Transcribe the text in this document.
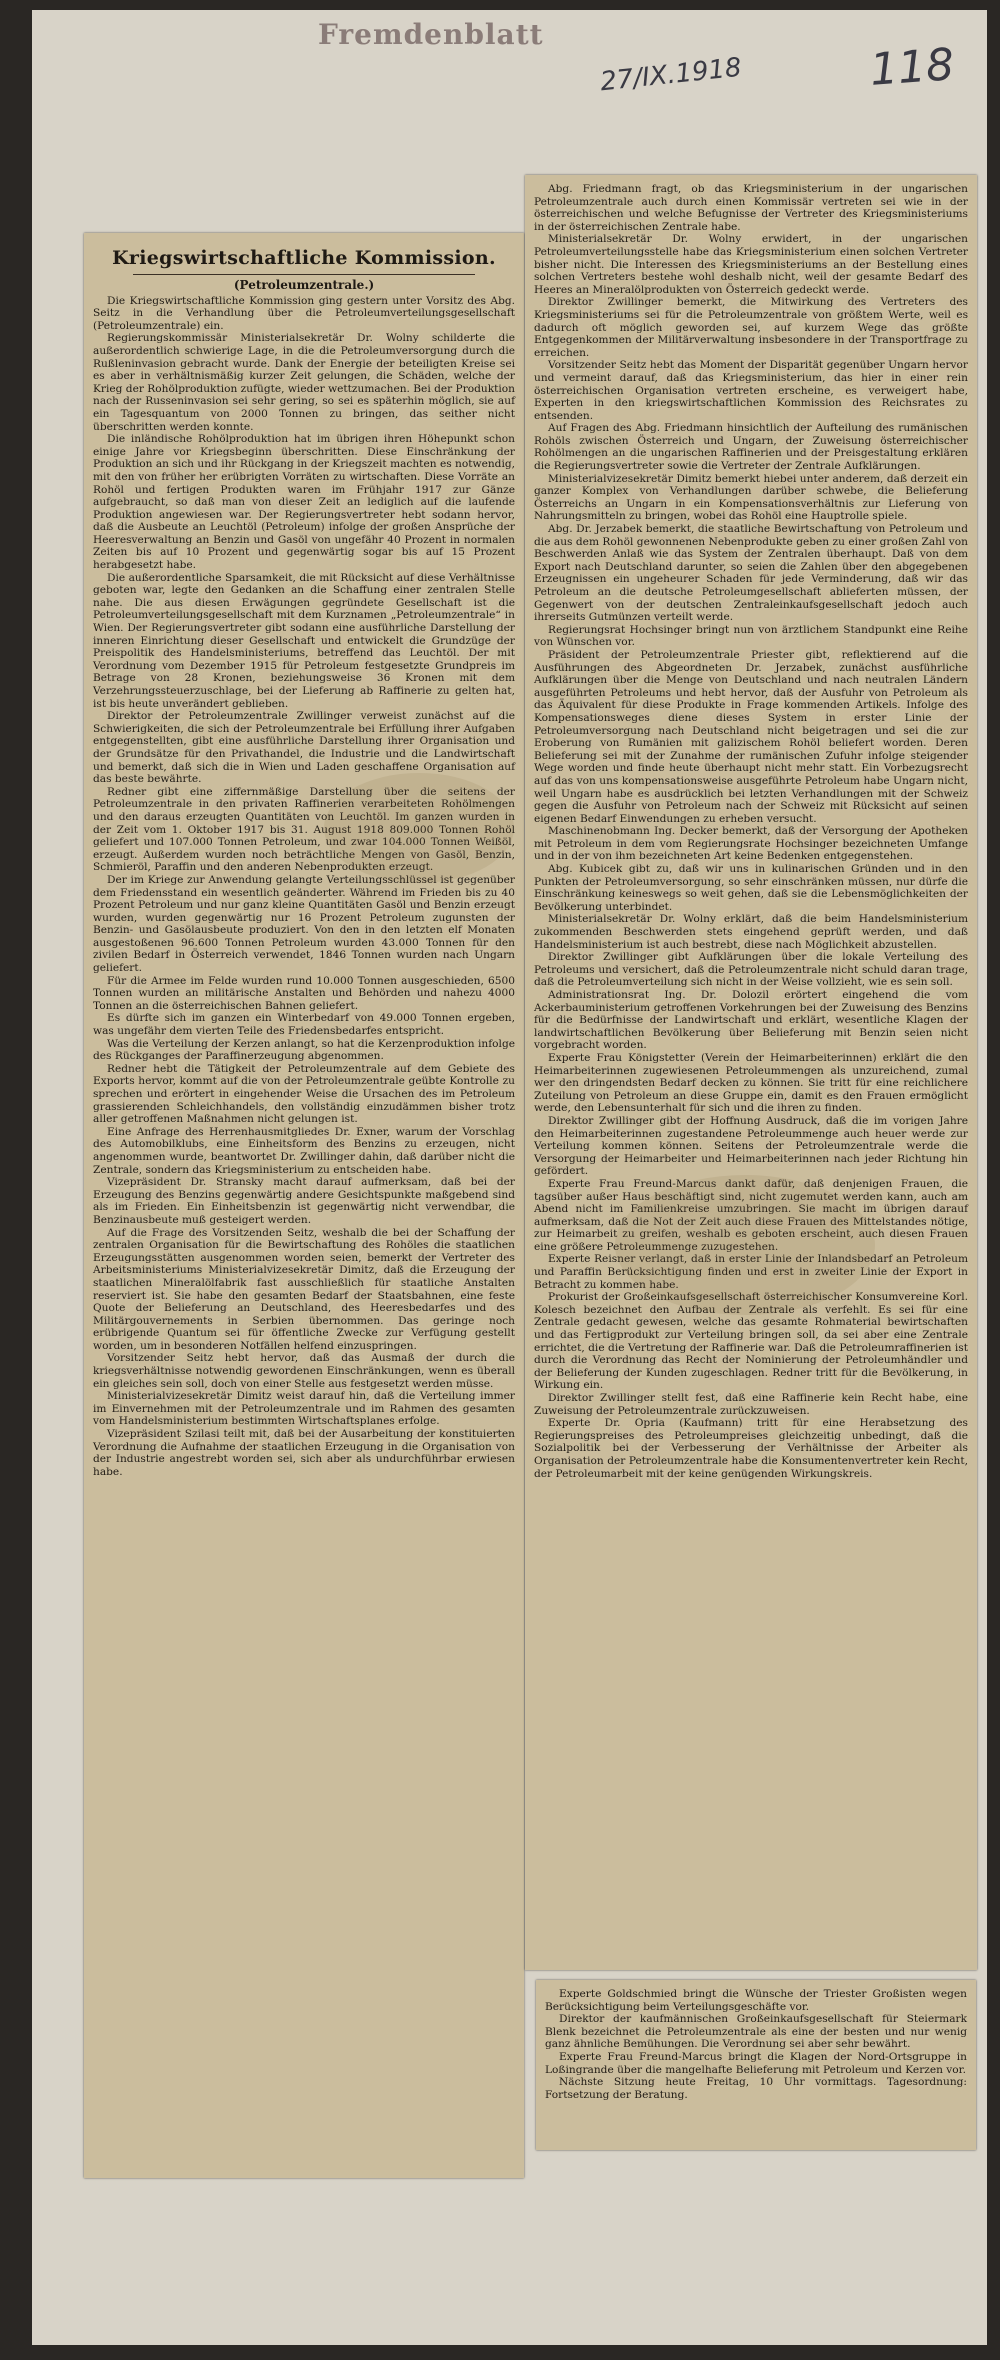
Fremdenblatt
27/IX.1918	118
Kriegswirtschaftliche Kommission.
(Petroleumzentrale.)

Die Kriegswirtschaftliche Kommission ging gestern unter Vorsitz des Abg. Seitz in die Verhandlung über die Petroleumverteilungsgesellschaft (Petroleumzentrale) ein.

Regierungskommissär Ministerialsekretär Dr. Wolny schilderte die außerordentlich schwierige Lage, in die die Petroleumversorgung durch die Rußleninvasion gebracht wurde. Dank der Energie der beteiligten Kreise sei es aber in verhältnismäßig kurzer Zeit gelungen, die Schäden, welche der Krieg der Rohölproduktion zufügte, wieder wettzumachen. Bei der Produktion nach der Russeninvasion sei sehr gering, so sei es späterhin möglich, sie auf ein Tagesquantum von 2000 Tonnen zu bringen, das seither nicht überschritten werden konnte.

Die inländische Rohölproduktion hat im übrigen ihren Höhepunkt schon einige Jahre vor Kriegsbeginn überschritten. Diese Einschränkung der Produktion an sich und ihr Rückgang in der Kriegszeit machten es notwendig, mit den von früher her erübrigten Vorräten zu wirtschaften. Diese Vorräte an Rohöl und fertigen Produkten waren im Frühjahr 1917 zur Gänze aufgebraucht, so daß man von dieser Zeit an lediglich auf die laufende Produktion angewiesen war. Der Regierungsvertreter hebt sodann hervor, daß die Ausbeute an Leuchtöl (Petroleum) infolge der großen Ansprüche der Heeresverwaltung an Benzin und Gasöl von ungefähr 40 Prozent in normalen Zeiten bis auf 10 Prozent und gegenwärtig sogar bis auf 15 Prozent herabgesetzt habe.

Die außerordentliche Sparsamkeit, die mit Rücksicht auf diese Verhältnisse geboten war, legte den Gedanken an die Schaffung einer zentralen Stelle nahe. Die aus diesen Erwägungen gegründete Gesellschaft ist die Petroleumverteilungsgesellschaft mit dem Kurznamen „Petroleumzentrale“ in Wien. Der Regierungsvertreter gibt sodann eine ausführliche Darstellung der inneren Einrichtung dieser Gesellschaft und entwickelt die Grundzüge der Preispolitik des Handelsministeriums, betreffend das Leuchtöl. Der mit Verordnung vom Dezember 1915 für Petroleum festgesetzte Grundpreis im Betrage von 28 Kronen, beziehungsweise 36 Kronen mit dem Verzehrungssteuerzuschlage, bei der Lieferung ab Raffinerie zu gelten hat, ist bis heute unverändert geblieben.

Direktor der Petroleumzentrale Zwillinger verweist zunächst auf die Schwierigkeiten, die sich der Petroleumzentrale bei Erfüllung ihrer Aufgaben entgegenstellten, gibt eine ausführliche Darstellung ihrer Organisation und der Grundsätze für den Privathandel, die Industrie und die Landwirtschaft und bemerkt, daß sich die in Wien und Laden geschaffene Organisation auf das beste bewährte.

Redner gibt eine ziffernmäßige Darstellung über die seitens der Petroleumzentrale in den privaten Raffinerien verarbeiteten Rohölmengen und den daraus erzeugten Quantitäten von Leuchtöl. Im ganzen wurden in der Zeit vom 1. Oktober 1917 bis 31. August 1918 809.000 Tonnen Rohöl geliefert und 107.000 Tonnen Petroleum, und zwar 104.000 Tonnen Weißöl, erzeugt. Außerdem wurden noch beträchtliche Mengen von Gasöl, Benzin, Schmieröl, Paraffin und den anderen Nebenprodukten erzeugt.

Der im Kriege zur Anwendung gelangte Verteilungsschlüssel ist gegenüber dem Friedensstand ein wesentlich geänderter. Während im Frieden bis zu 40 Prozent Petroleum und nur ganz kleine Quantitäten Gasöl und Benzin erzeugt wurden, wurden gegenwärtig nur 16 Prozent Petroleum zugunsten der Benzin- und Gasölausbeute produziert. Von den in den letzten elf Monaten ausgestoßenen 96.600 Tonnen Petroleum wurden 43.000 Tonnen für den zivilen Bedarf in Österreich verwendet, 1846 Tonnen wurden nach Ungarn geliefert.

Für die Armee im Felde wurden rund 10.000 Tonnen ausgeschieden, 6500 Tonnen wurden an militärische Anstalten und Behörden und nahezu 4000 Tonnen an die österreichischen Bahnen geliefert.

Es dürfte sich im ganzen ein Winterbedarf von 49.000 Tonnen ergeben, was ungefähr dem vierten Teile des Friedensbedarfes entspricht.

Was die Verteilung der Kerzen anlangt, so hat die Kerzenproduktion infolge des Rückganges der Paraffinerzeugung abgenommen.

Redner hebt die Tätigkeit der Petroleumzentrale auf dem Gebiete des Exports hervor, kommt auf die von der Petroleumzentrale geübte Kontrolle zu sprechen und erörtert in eingehender Weise die Ursachen des im Petroleum grassierenden Schleichhandels, den vollständig einzudämmen bisher trotz aller getroffenen Maßnahmen nicht gelungen ist.

Eine Anfrage des Herrenhausmitgliedes Dr. Exner, warum der Vorschlag des Automobilklubs, eine Einheitsform des Benzins zu erzeugen, nicht angenommen wurde, beantwortet Dr. Zwillinger dahin, daß darüber nicht die Zentrale, sondern das Kriegsministerium zu entscheiden habe.

Vizepräsident Dr. Stransky macht darauf aufmerksam, daß bei der Erzeugung des Benzins gegenwärtig andere Gesichtspunkte maßgebend sind als im Frieden. Ein Einheitsbenzin ist gegenwärtig nicht verwendbar, die Benzinausbeute muß gesteigert werden.

Auf die Frage des Vorsitzenden Seitz, weshalb die bei der Schaffung der zentralen Organisation für die Bewirtschaftung des Rohöles die staatlichen Erzeugungsstätten ausgenommen worden seien, bemerkt der Vertreter des Arbeitsministeriums Ministerialvizesekretär Dimitz, daß die Erzeugung der staatlichen Mineralölfabrik fast ausschließlich für staatliche Anstalten reserviert ist. Sie habe den gesamten Bedarf der Staatsbahnen, eine feste Quote der Belieferung an Deutschland, des Heeresbedarfes und des Militärgouvernements in Serbien übernommen. Das geringe noch erübrigende Quantum sei für öffentliche Zwecke zur Verfügung gestellt worden, um in besonderen Notfällen helfend einzuspringen.

Vorsitzender Seitz hebt hervor, daß das Ausmaß der durch die kriegsverhältnisse notwendig gewordenen Einschränkungen, wenn es überall ein gleiches sein soll, doch von einer Stelle aus festgesetzt werden müsse.

Ministerialvizesekretär Dimitz weist darauf hin, daß die Verteilung immer im Einvernehmen mit der Petroleumzentrale und im Rahmen des gesamten vom Handelsministerium bestimmten Wirtschaftsplanes erfolge.

Vizepräsident Szilasi teilt mit, daß bei der Ausarbeitung der konstituierten Verordnung die Aufnahme der staatlichen Erzeugung in die Organisation von der Industrie angestrebt worden sei, sich aber als undurchführbar erwiesen habe.

Abg. Friedmann fragt, ob das Kriegsministerium in der ungarischen Petroleumzentrale auch durch einen Kommissär vertreten sei wie in der österreichischen und welche Befugnisse der Vertreter des Kriegsministeriums in der österreichischen Zentrale habe.

Ministerialsekretär Dr. Wolny erwidert, in der ungarischen Petroleumverteilungsstelle habe das Kriegsministerium einen solchen Vertreter bisher nicht. Die Interessen des Kriegsministeriums an der Bestellung eines solchen Vertreters bestehe wohl deshalb nicht, weil der gesamte Bedarf des Heeres an Mineralölprodukten von Österreich gedeckt werde.

Direktor Zwillinger bemerkt, die Mitwirkung des Vertreters des Kriegsministeriums sei für die Petroleumzentrale von größtem Werte, weil es dadurch oft möglich geworden sei, auf kurzem Wege das größte Entgegenkommen der Militärverwaltung insbesondere in der Transportfrage zu erreichen.

Vorsitzender Seitz hebt das Moment der Disparität gegenüber Ungarn hervor und vermeint darauf, daß das Kriegsministerium, das hier in einer rein österreichischen Organisation vertreten erscheine, es verweigert habe, Experten in den kriegswirtschaftlichen Kommission des Reichsrates zu entsenden.

Auf Fragen des Abg. Friedmann hinsichtlich der Aufteilung des rumänischen Rohöls zwischen Österreich und Ungarn, der Zuweisung österreichischer Rohölmengen an die ungarischen Raffinerien und der Preisgestaltung erklären die Regierungsvertreter sowie die Vertreter der Zentrale Aufklärungen.

Ministerialvizesekretär Dimitz bemerkt hiebei unter anderem, daß derzeit ein ganzer Komplex von Verhandlungen darüber schwebe, die Belieferung Österreichs an Ungarn in ein Kompensationsverhältnis zur Lieferung von Nahrungsmitteln zu bringen, wobei das Rohöl eine Hauptrolle spiele.

Abg. Dr. Jerzabek bemerkt, die staatliche Bewirtschaftung von Petroleum und die aus dem Rohöl gewonnenen Nebenprodukte geben zu einer großen Zahl von Beschwerden Anlaß wie das System der Zentralen überhaupt. Daß von dem Export nach Deutschland darunter, so seien die Zahlen über den abgegebenen Erzeugnissen ein ungeheurer Schaden für jede Verminderung, daß wir das Petroleum an die deutsche Petroleumgesellschaft ablieferten müssen, der Gegenwert von der deutschen Zentraleinkaufsgesellschaft jedoch auch ihrerseits Gutmünzen verteilt werde.

Regierungsrat Hochsinger bringt nun von ärztlichem Standpunkt eine Reihe von Wünschen vor.

Präsident der Petroleumzentrale Priester gibt, reflektierend auf die Ausführungen des Abgeordneten Dr. Jerzabek, zunächst ausführliche Aufklärungen über die Menge von Deutschland und nach neutralen Ländern ausgeführten Petroleums und hebt hervor, daß der Ausfuhr von Petroleum als das Äquivalent für diese Produkte in Frage kommenden Artikels. Infolge des Kompensationsweges diene dieses System in erster Linie der Petroleumversorgung nach Deutschland nicht beigetragen und sei die zur Eroberung von Rumänien mit galizischem Rohöl beliefert worden. Deren Belieferung sei mit der Zunahme der rumänischen Zufuhr infolge steigender Wege worden und finde heute überhaupt nicht mehr statt. Ein Vorbezugsrecht auf das von uns kompensationsweise ausgeführte Petroleum habe Ungarn nicht, weil Ungarn habe es ausdrücklich bei letzten Verhandlungen mit der Schweiz gegen die Ausfuhr von Petroleum nach der Schweiz mit Rücksicht auf seinen eigenen Bedarf Einwendungen zu erheben versucht.

Maschinenobmann Ing. Decker bemerkt, daß der Versorgung der Apotheken mit Petroleum in dem vom Regierungsrate Hochsinger bezeichneten Umfange und in der von ihm bezeichneten Art keine Bedenken entgegenstehen.

Abg. Kubicek gibt zu, daß wir uns in kulinarischen Gründen und in den Punkten der Petroleumversorgung, so sehr einschränken müssen, nur dürfe die Einschränkung keineswegs so weit gehen, daß sie die Lebensmöglichkeiten der Bevölkerung unterbindet.

Ministerialsekretär Dr. Wolny erklärt, daß die beim Handelsministerium zukommenden Beschwerden stets eingehend geprüft werden, und daß Handelsministerium ist auch bestrebt, diese nach Möglichkeit abzustellen.

Direktor Zwillinger gibt Aufklärungen über die lokale Verteilung des Petroleums und versichert, daß die Petroleumzentrale nicht schuld daran trage, daß die Petroleumverteilung sich nicht in der Weise vollzieht, wie es sein soll.

Administrationsrat Ing. Dr. Dolozil erörtert eingehend die vom Ackerbauministerium getroffenen Vorkehrungen bei der Zuweisung des Benzins für die Bedürfnisse der Landwirtschaft und erklärt, wesentliche Klagen der landwirtschaftlichen Bevölkerung über Belieferung mit Benzin seien nicht vorgebracht worden.

Experte Frau Königstetter (Verein der Heimarbeiterinnen) erklärt die den Heimarbeiterinnen zugewiesenen Petroleummengen als unzureichend, zumal wer den dringendsten Bedarf decken zu können. Sie tritt für eine reichlichere Zuteilung von Petroleum an diese Gruppe ein, damit es den Frauen ermöglicht werde, den Lebensunterhalt für sich und die ihren zu finden.

Direktor Zwillinger gibt der Hoffnung Ausdruck, daß die im vorigen Jahre den Heimarbeiterinnen zugestandene Petroleummenge auch heuer werde zur Verteilung kommen können. Seitens der Petroleumzentrale werde die Versorgung der Heimarbeiter und Heimarbeiterinnen nach jeder Richtung hin gefördert.

Experte Frau Freund-Marcus dankt dafür, daß denjenigen Frauen, die tagsüber außer Haus beschäftigt sind, nicht zugemutet werden kann, auch am Abend nicht im Familienkreise umzubringen. Sie macht im übrigen darauf aufmerksam, daß die Not der Zeit auch diese Frauen des Mittelstandes nötige, zur Heimarbeit zu greifen, weshalb es geboten erscheint, auch diesen Frauen eine größere Petroleummenge zuzugestehen.

Experte Reisner verlangt, daß in erster Linie der Inlandsbedarf an Petroleum und Paraffin Berücksichtigung finden und erst in zweiter Linie der Export in Betracht zu kommen habe.

Prokurist der Großeinkaufsgesellschaft österreichischer Konsumvereine Korl. Kolesch bezeichnet den Aufbau der Zentrale als verfehlt. Es sei für eine Zentrale gedacht gewesen, welche das gesamte Rohmaterial bewirtschaften und das Fertigprodukt zur Verteilung bringen soll, da sei aber eine Zentrale errichtet, die die Vertretung der Raffinerie war. Daß die Petroleumraffinerien ist durch die Verordnung das Recht der Nominierung der Petroleumhändler und der Belieferung der Kunden zugeschlagen. Redner tritt für die Bevölkerung, in Wirkung ein.

Direktor Zwillinger stellt fest, daß eine Raffinerie kein Recht habe, eine Zuweisung der Petroleumzentrale zurückzuweisen.

Experte Dr. Opria (Kaufmann) tritt für eine Herabsetzung des Regierungspreises des Petroleumpreises gleichzeitig unbedingt, daß die Sozialpolitik bei der Verbesserung der Verhältnisse der Arbeiter als Organisation der Petroleumzentrale habe die Konsumentenvertreter kein Recht, der Petroleumarbeit mit der keine genügenden Wirkungskreis.

Experte Goldschmied bringt die Wünsche der Triester Großisten wegen Berücksichtigung beim Verteilungsgeschäfte vor.

Direktor der kaufmännischen Großeinkaufsgesellschaft für Steiermark Blenk bezeichnet die Petroleumzentrale als eine der besten und nur wenig ganz ähnliche Bemühungen. Die Verordnung sei aber sehr bewährt.

Experte Frau Freund-Marcus bringt die Klagen der Nord-Ortsgruppe in Loßingrande über die mangelhafte Belieferung mit Petroleum und Kerzen vor.

Nächste Sitzung heute Freitag, 10 Uhr vormittags. Tagesordnung: Fortsetzung der Beratung.
